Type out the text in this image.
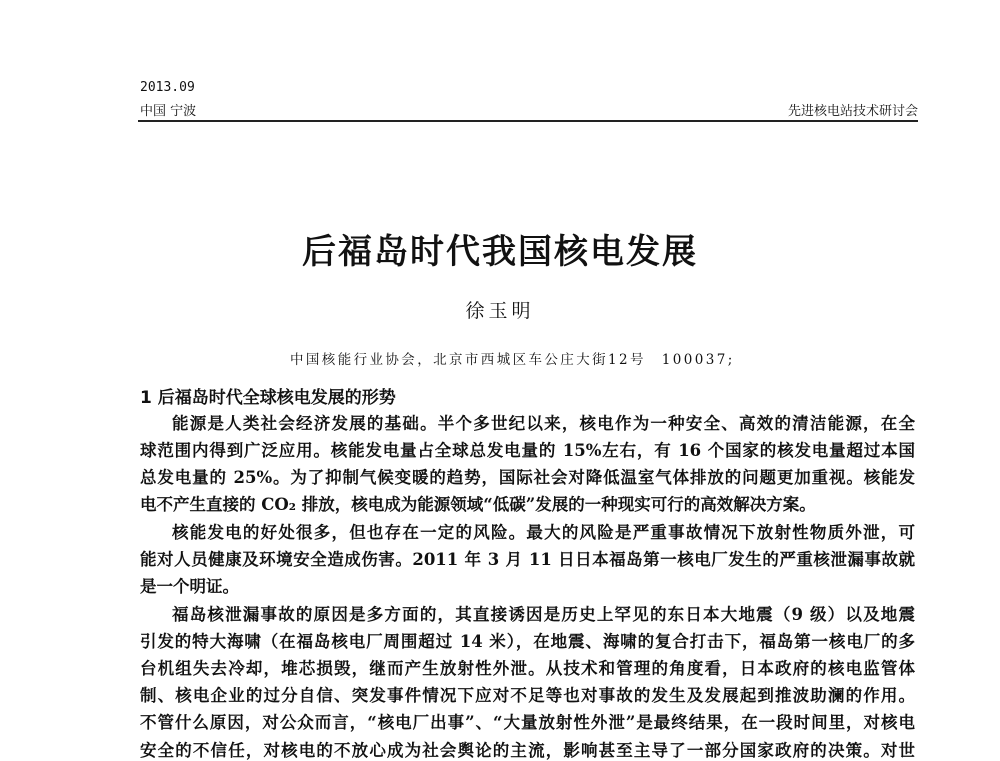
2013.09
中国 宁波	先进核电站技术研讨会
后福岛时代我国核电发展
徐玉明
中国核能行业协会，北京市西城区车公庄大街12号　100037;
1 后福岛时代全球核电发展的形势
能源是人类社会经济发展的基础。半个多世纪以来，核电作为一种安全、高效的清洁能源，在全
球范围内得到广泛应用。核能发电量占全球总发电量的 15%左右，有 16 个国家的核发电量超过本国
总发电量的 25%。为了抑制气候变暖的趋势，国际社会对降低温室气体排放的问题更加重视。核能发
电不产生直接的 CO₂ 排放，核电成为能源领域“低碳”发展的一种现实可行的高效解决方案。
核能发电的好处很多，但也存在一定的风险。最大的风险是严重事故情况下放射性物质外泄，可
能对人员健康及环境安全造成伤害。2011 年 3 月 11 日日本福岛第一核电厂发生的严重核泄漏事故就
是一个明证。
福岛核泄漏事故的原因是多方面的，其直接诱因是历史上罕见的东日本大地震（9 级）以及地震
引发的特大海啸（在福岛核电厂周围超过 14 米），在地震、海啸的复合打击下，福岛第一核电厂的多
台机组失去冷却，堆芯损毁，继而产生放射性外泄。从技术和管理的角度看，日本政府的核电监管体
制、核电企业的过分自信、突发事件情况下应对不足等也对事故的发生及发展起到推波助澜的作用。
不管什么原因，对公众而言，“核电厂出事”、“大量放射性外泄”是最终结果，在一段时间里，对核电
安全的不信任，对核电的不放心成为社会舆论的主流，影响甚至主导了一部分国家政府的决策。对世
